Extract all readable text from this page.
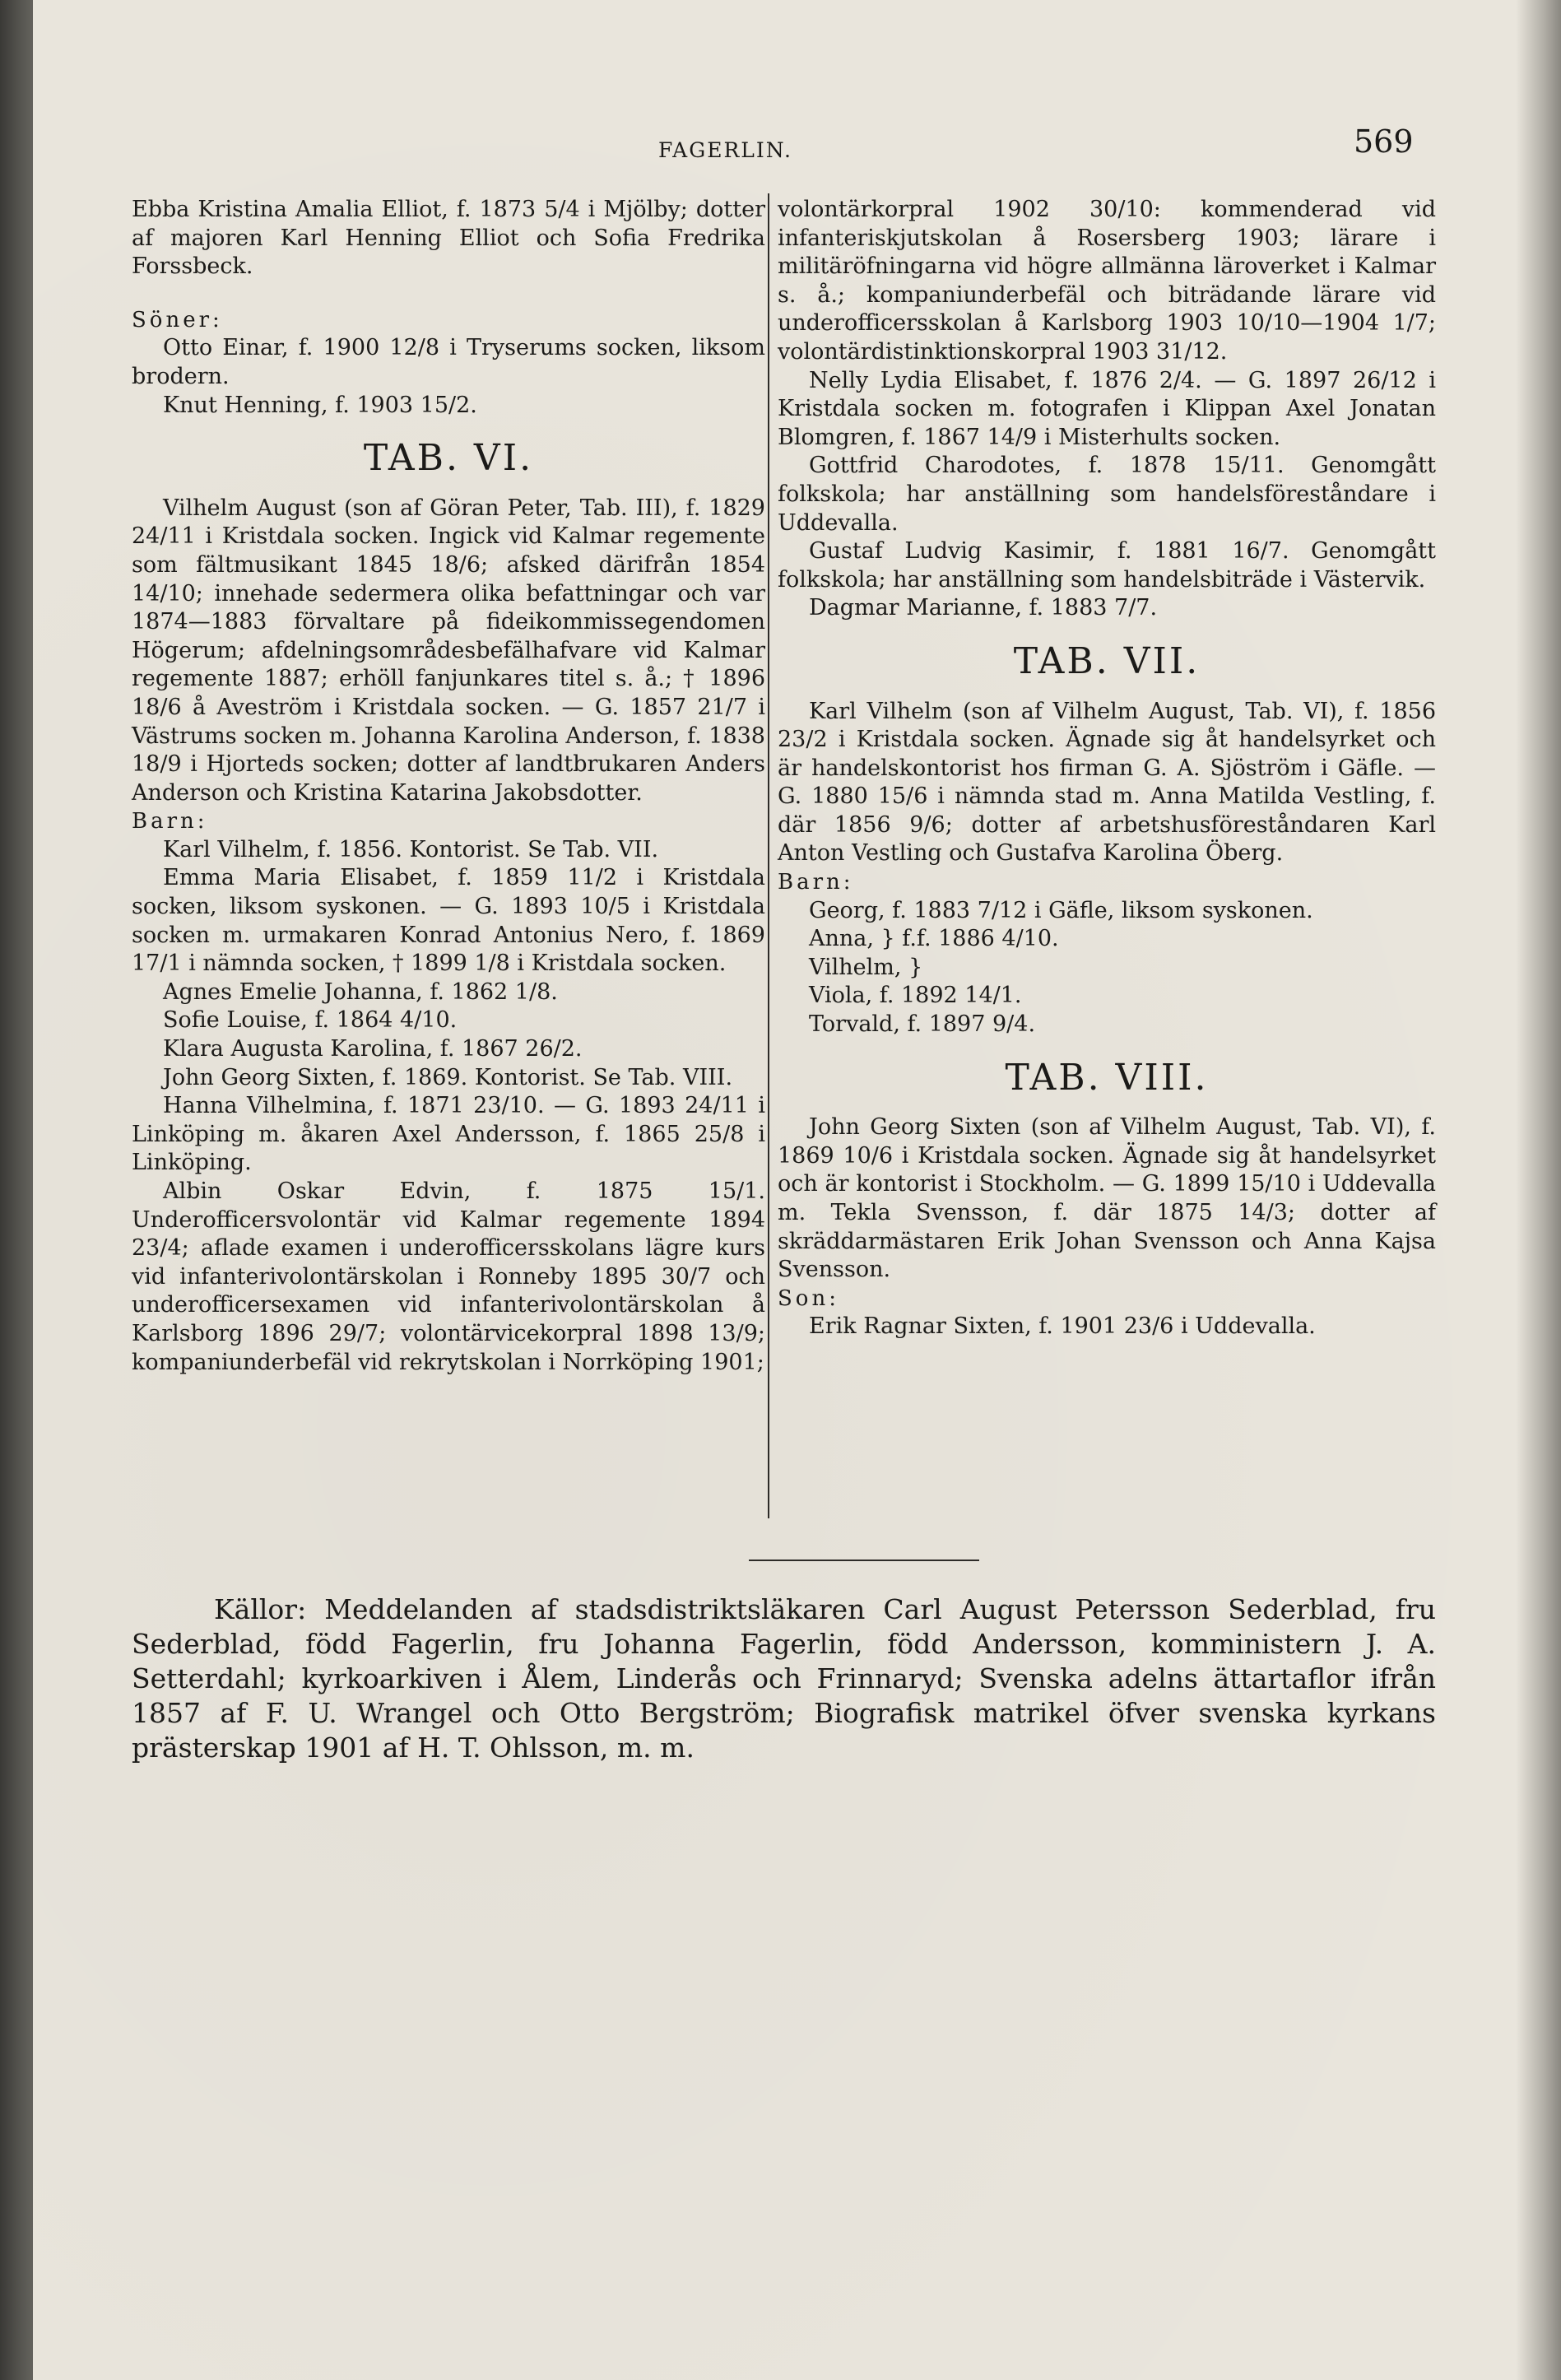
FAGERLIN.	569

Ebba Kristina Amalia Elliot, f. 1873 5/4 i Mjölby; dotter af majoren Karl Henning Elliot och Sofia Fredrika Forssbeck.

Söner:

Otto Einar, f. 1900 12/8 i Tryserums socken, liksom brodern.

Knut Henning, f. 1903 15/2.

TAB. VI.

Vilhelm August (son af Göran Peter, Tab. III), f. 1829 24/11 i Kristdala socken. Ingick vid Kalmar regemente som fältmusikant 1845 18/6; afsked därifrån 1854 14/10; innehade sedermera olika befattningar och var 1874—1883 förvaltare på fideikommissegendomen Högerum; afdelningsområdesbefälhafvare vid Kalmar regemente 1887; erhöll fanjunkares titel s. å.; † 1896 18/6 å Aveström i Kristdala socken. — G. 1857 21/7 i Västrums socken m. Johanna Karolina Anderson, f. 1838 18/9 i Hjorteds socken; dotter af landtbrukaren Anders Anderson och Kristina Katarina Jakobsdotter.

Barn:

Karl Vilhelm, f. 1856. Kontorist. Se Tab. VII.

Emma Maria Elisabet, f. 1859 11/2 i Kristdala socken, liksom syskonen. — G. 1893 10/5 i Kristdala socken m. urmakaren Konrad Antonius Nero, f. 1869 17/1 i nämnda socken, † 1899 1/8 i Kristdala socken.

Agnes Emelie Johanna, f. 1862 1/8.

Sofie Louise, f. 1864 4/10.

Klara Augusta Karolina, f. 1867 26/2.

John Georg Sixten, f. 1869. Kontorist. Se Tab. VIII.

Hanna Vilhelmina, f. 1871 23/10. — G. 1893 24/11 i Linköping m. åkaren Axel Andersson, f. 1865 25/8 i Linköping.

Albin Oskar Edvin, f. 1875 15/1. Underofficersvolontär vid Kalmar regemente 1894 23/4; aflade examen i underofficersskolans lägre kurs vid infanterivolontärskolan i Ronneby 1895 30/7 och underofficersexamen vid infanterivolontärskolan å Karlsborg 1896 29/7; volontärvicekorpral 1898 13/9; kompaniunderbefäl vid rekrytskolan i Norrköping 1901;

volontärkorpral 1902 30/10: kommenderad vid infanteriskjutskolan å Rosersberg 1903; lärare i militäröfningarna vid högre allmänna läroverket i Kalmar s. å.; kompaniunderbefäl och biträdande lärare vid underofficersskolan å Karlsborg 1903 10/10—1904 1/7; volontärdistinktionskorpral 1903 31/12.

Nelly Lydia Elisabet, f. 1876 2/4. — G. 1897 26/12 i Kristdala socken m. fotografen i Klippan Axel Jonatan Blomgren, f. 1867 14/9 i Misterhults socken.

Gottfrid Charodotes, f. 1878 15/11. Genomgått folkskola; har anställning som handelsföreståndare i Uddevalla.

Gustaf Ludvig Kasimir, f. 1881 16/7. Genomgått folkskola; har anställning som handelsbiträde i Västervik.

Dagmar Marianne, f. 1883 7/7.

TAB. VII.

Karl Vilhelm (son af Vilhelm August, Tab. VI), f. 1856 23/2 i Kristdala socken. Ägnade sig åt handelsyrket och är handelskontorist hos firman G. A. Sjöström i Gäfle. — G. 1880 15/6 i nämnda stad m. Anna Matilda Vestling, f. där 1856 9/6; dotter af arbetshusföreståndaren Karl Anton Vestling och Gustafva Karolina Öberg.

Barn:

Georg, f. 1883 7/12 i Gäfle, liksom syskonen.

Anna, } f.f. 1886 4/10.

Vilhelm, }

Viola, f. 1892 14/1.

Torvald, f. 1897 9/4.

TAB. VIII.

John Georg Sixten (son af Vilhelm August, Tab. VI), f. 1869 10/6 i Kristdala socken. Ägnade sig åt handelsyrket och är kontorist i Stockholm. — G. 1899 15/10 i Uddevalla m. Tekla Svensson, f. där 1875 14/3; dotter af skräddarmästaren Erik Johan Svensson och Anna Kajsa Svensson.

Son:

Erik Ragnar Sixten, f. 1901 23/6 i Uddevalla.

Källor: Meddelanden af stadsdistriktsläkaren Carl August Petersson Sederblad, fru Sederblad, född Fagerlin, fru Johanna Fagerlin, född Andersson, komministern J. A. Setterdahl; kyrkoarkiven i Ålem, Linderås och Frinnaryd; Svenska adelns ättartaflor ifrån 1857 af F. U. Wrangel och Otto Bergström; Biografisk matrikel öfver svenska kyrkans prästerskap 1901 af H. T. Ohlsson, m. m.
